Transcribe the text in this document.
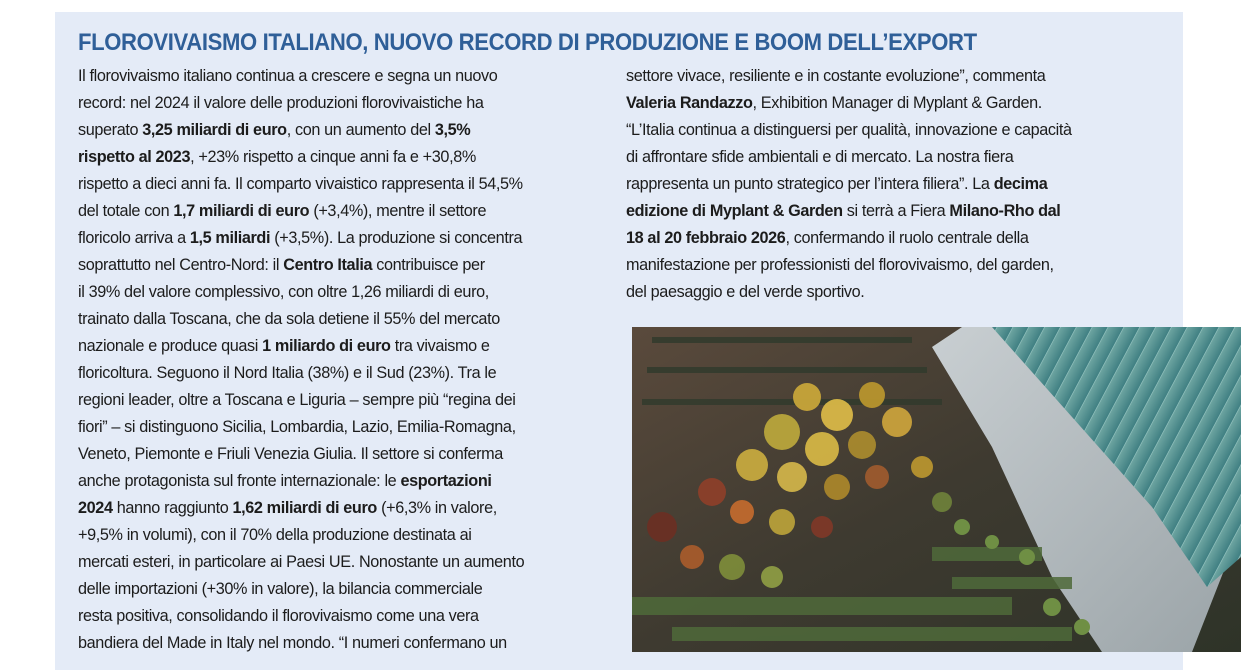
FLOROVIVAISMO ITALIANO, NUOVO RECORD DI PRODUZIONE E BOOM DELL’EXPORT
Il florovivaismo italiano continua a crescere e segna un nuovo
record: nel 2024 il valore delle produzioni florovivaistiche ha
superato 3,25 miliardi di euro, con un aumento del 3,5%
rispetto al 2023, +23% rispetto a cinque anni fa e +30,8%
rispetto a dieci anni fa. Il comparto vivaistico rappresenta il 54,5%
del totale con 1,7 miliardi di euro (+3,4%), mentre il settore
floricolo arriva a 1,5 miliardi (+3,5%). La produzione si concentra
soprattutto nel Centro-Nord: il Centro Italia contribuisce per
il 39% del valore complessivo, con oltre 1,26 miliardi di euro,
trainato dalla Toscana, che da sola detiene il 55% del mercato
nazionale e produce quasi 1 miliardo di euro tra vivaismo e
floricoltura. Seguono il Nord Italia (38%) e il Sud (23%). Tra le
regioni leader, oltre a Toscana e Liguria – sempre più “regina dei
fiori” – si distinguono Sicilia, Lombardia, Lazio, Emilia-Romagna,
Veneto, Piemonte e Friuli Venezia Giulia. Il settore si conferma
anche protagonista sul fronte internazionale: le esportazioni
2024 hanno raggiunto 1,62 miliardi di euro (+6,3% in valore,
+9,5% in volumi), con il 70% della produzione destinata ai
mercati esteri, in particolare ai Paesi UE. Nonostante un aumento
delle importazioni (+30% in valore), la bilancia commerciale
resta positiva, consolidando il florovivaismo come una vera
bandiera del Made in Italy nel mondo. “I numeri confermano un
settore vivace, resiliente e in costante evoluzione”, commenta
Valeria Randazzo, Exhibition Manager di Myplant & Garden.
“L’Italia continua a distinguersi per qualità, innovazione e capacità
di affrontare sfide ambientali e di mercato. La nostra fiera
rappresenta un punto strategico per l’intera filiera”. La decima
edizione di Myplant & Garden si terrà a Fiera Milano-Rho dal
18 al 20 febbraio 2026, confermando il ruolo centrale della
manifestazione per professionisti del florovivaismo, del garden,
del paesaggio e del verde sportivo.
